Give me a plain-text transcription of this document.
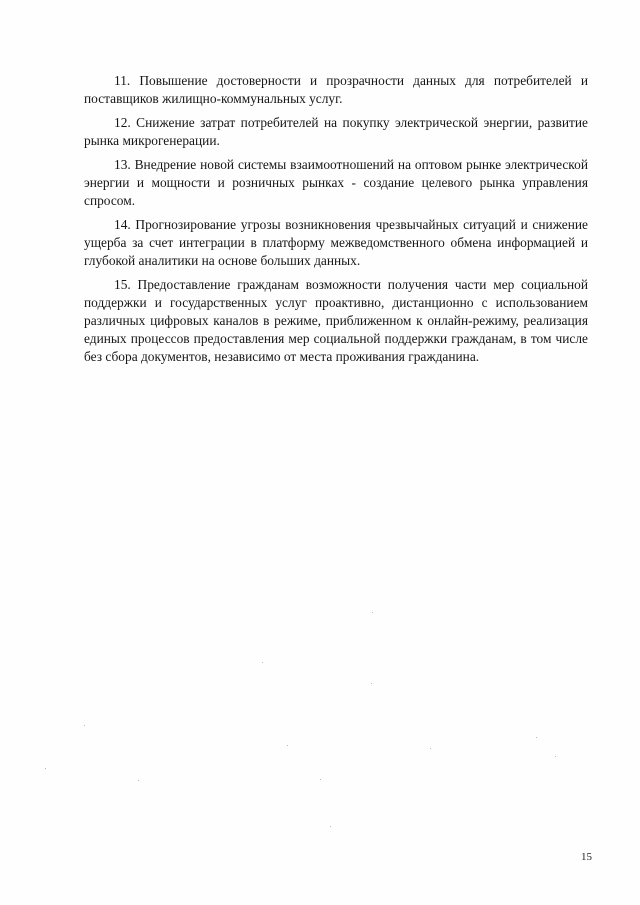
11. Повышение достоверности и прозрачности данных для потребителей и поставщиков жилищно-коммунальных услуг.

12. Снижение затрат потребителей на покупку электрической энергии, развитие рынка микрогенерации.

13. Внедрение новой системы взаимоотношений на оптовом рынке электрической энергии и мощности и розничных рынках - создание целевого рынка управления спросом.

14. Прогнозирование угрозы возникновения чрезвычайных ситуаций и снижение ущерба за счет интеграции в платформу межведомственного обмена информацией и глубокой аналитики на основе больших данных.

15. Предоставление гражданам возможности получения части мер социальной поддержки и государственных услуг проактивно, дистанционно с использованием различных цифровых каналов в режиме, приближенном к онлайн-режиму, реализация единых процессов предоставления мер социальной поддержки гражданам, в том числе без сбора документов, независимо от места проживания гражданина.

15
